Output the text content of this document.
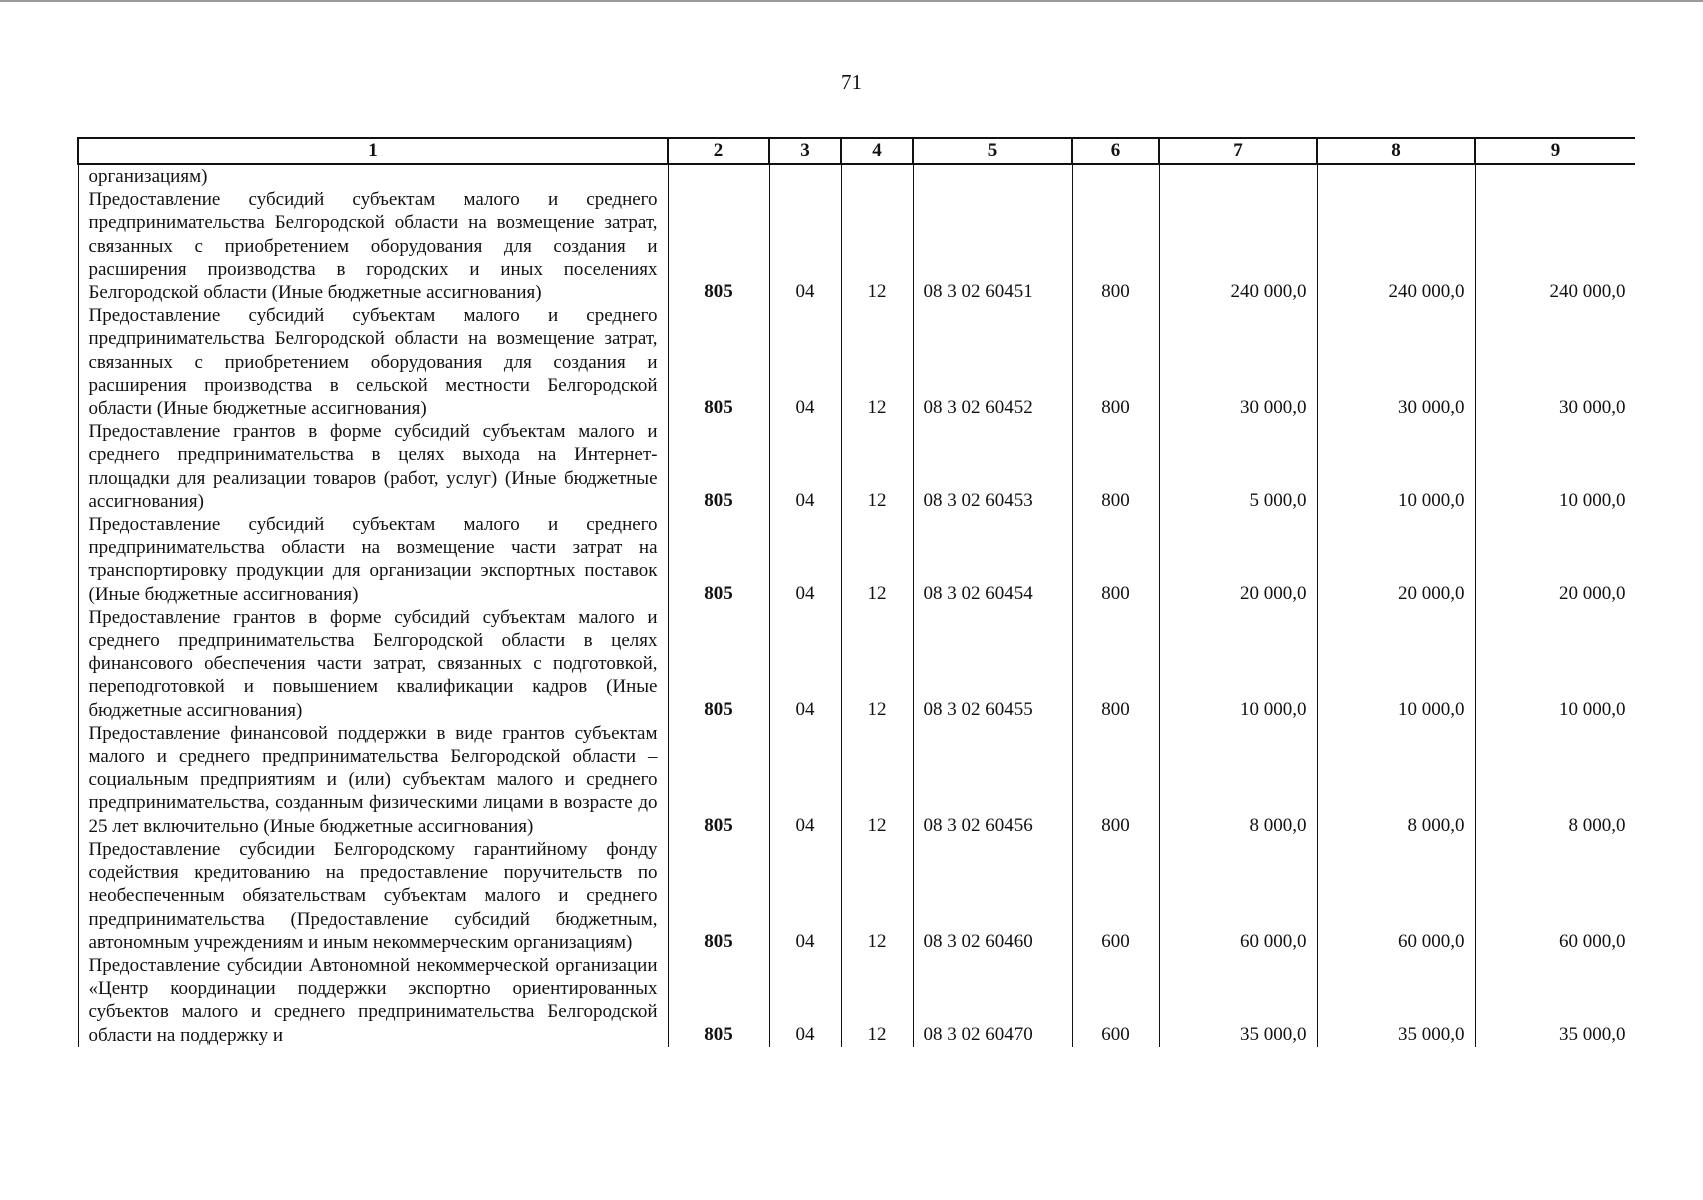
71
1	2	3	4	5	6	7	8	9

организациям)								

Предоставление субсидий субъектам малого и среднего предпринимательства Белгородской области на возмещение затрат, связанных с приобретением оборудования для создания и расширения производства в городских и иных поселениях Белгородской области (Иные бюджетные ассигнования)	805	04	12	08 3 02 60451	800	240 000,0	240 000,0	240 000,0

Предоставление субсидий субъектам малого и среднего предпринимательства Белгородской области на возмещение затрат, связанных с приобретением оборудования для создания и расширения производства в сельской местности Белгородской области (Иные бюджетные ассигнования)	805	04	12	08 3 02 60452	800	30 000,0	30 000,0	30 000,0

Предоставление грантов в форме субсидий субъектам малого и среднего предпринимательства в целях выхода на Интернет-площадки для реализации товаров (работ, услуг) (Иные бюджетные ассигнования)	805	04	12	08 3 02 60453	800	5 000,0	10 000,0	10 000,0

Предоставление субсидий субъектам малого и среднего предпринимательства области на возмещение части затрат на транспортировку продукции для организации экспортных поставок (Иные бюджетные ассигнования)	805	04	12	08 3 02 60454	800	20 000,0	20 000,0	20 000,0

Предоставление грантов в форме субсидий субъектам малого и среднего предпринимательства Белгородской области в целях финансового обеспечения части затрат, связанных с подготовкой, переподготовкой и повышением квалификации кадров (Иные бюджетные ассигнования)	805	04	12	08 3 02 60455	800	10 000,0	10 000,0	10 000,0

Предоставление финансовой поддержки в виде грантов субъектам малого и среднего предпринимательства Белгородской области – социальным предприятиям и (или) субъектам малого и среднего предпринимательства, созданным физическими лицами в возрасте до 25 лет включительно (Иные бюджетные ассигнования)	805	04	12	08 3 02 60456	800	8 000,0	8 000,0	8 000,0

Предоставление субсидии Белгородскому гарантийному фонду содействия кредитованию на предоставление поручительств по необеспеченным обязательствам субъектам малого и среднего предпринимательства (Предоставление субсидий бюджетным, автономным учреждениям и иным некоммерческим организациям)	805	04	12	08 3 02 60460	600	60 000,0	60 000,0	60 000,0

Предоставление субсидии Автономной некоммерческой организации «Центр координации поддержки экспортно ориентированных субъектов малого и среднего предпринимательства Белгородской области на поддержку и	805	04	12	08 3 02 60470	600	35 000,0	35 000,0	35 000,0
